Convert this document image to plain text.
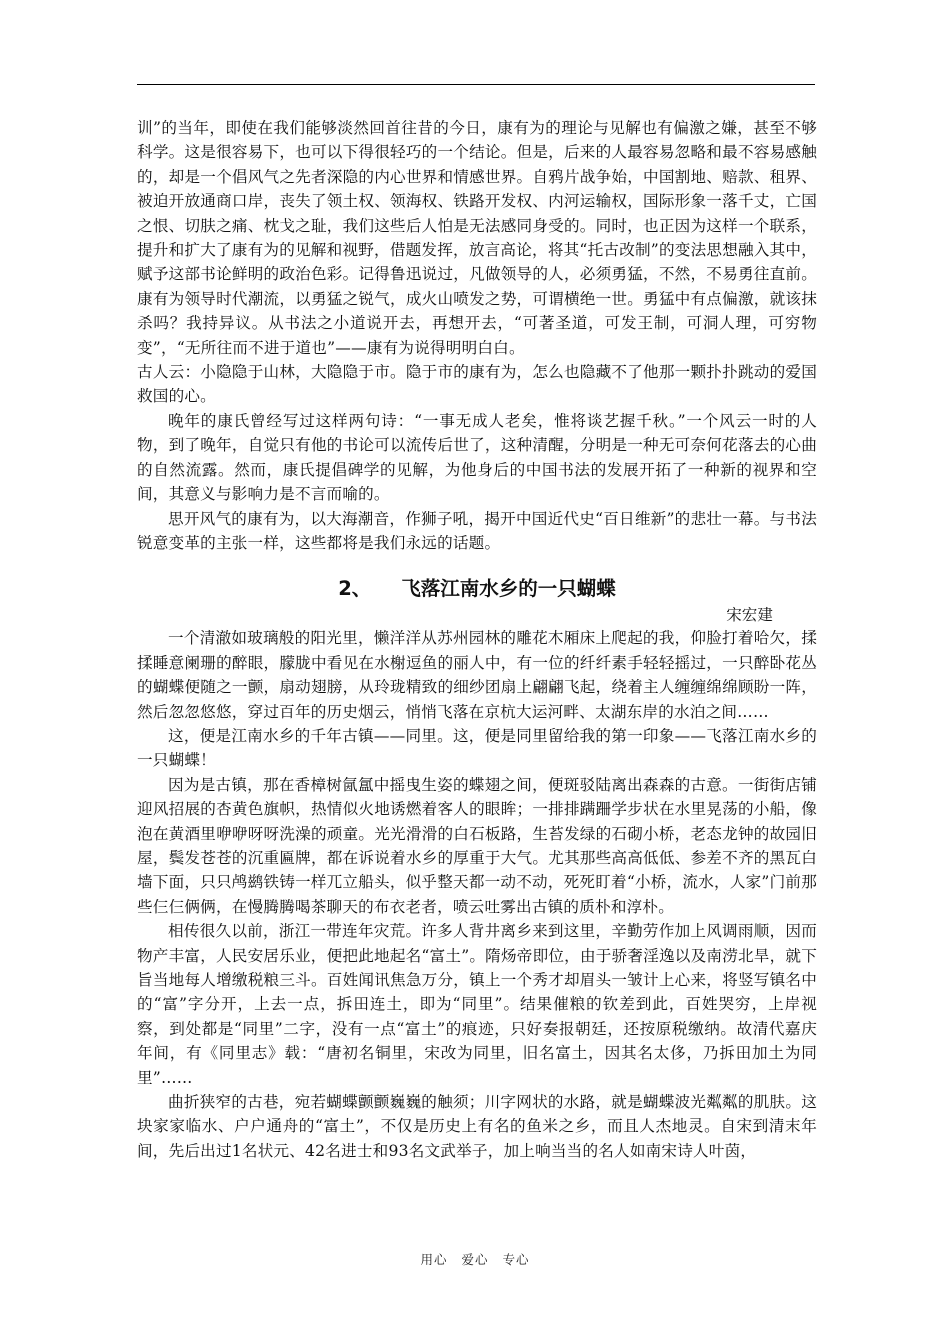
训”的当年，即使在我们能够淡然回首往昔的今日，康有为的理论与见解也有偏激之嫌，甚至不够科学。这是很容易下，也可以下得很轻巧的一个结论。但是，后来的人最容易忽略和最不容易感触的，却是一个倡风气之先者深隐的内心世界和情感世界。自鸦片战争始，中国割地、赔款、租界、被迫开放通商口岸，丧失了领土权、领海权、铁路开发权、内河运输权，国际形象一落千丈，亡国之恨、切肤之痛、枕戈之耻，我们这些后人怕是无法感同身受的。同时，也正因为这样一个联系，提升和扩大了康有为的见解和视野，借题发挥，放言高论，将其“托古改制”的变法思想融入其中，赋予这部书论鲜明的政治色彩。记得鲁迅说过，凡做领导的人，必须勇猛，不然，不易勇往直前。康有为领导时代潮流，以勇猛之锐气，成火山喷发之势，可谓横绝一世。勇猛中有点偏激，就该抹杀吗？我持异议。从书法之小道说开去，再想开去，“可著圣道，可发王制，可洞人理，可穷物变”，“无所往而不进于道也”——康有为说得明明白白。

古人云：小隐隐于山林，大隐隐于市。隐于市的康有为，怎么也隐藏不了他那一颗扑扑跳动的爱国救国的心。

晚年的康氏曾经写过这样两句诗：“一事无成人老矣，惟将谈艺握千秋。”一个风云一时的人物，到了晚年，自觉只有他的书论可以流传后世了，这种清醒，分明是一种无可奈何花落去的心曲的自然流露。然而，康氏提倡碑学的见解，为他身后的中国书法的发展开拓了一种新的视界和空间，其意义与影响力是不言而喻的。

思开风气的康有为，以大海潮音，作狮子吼，揭开中国近代史“百日维新”的悲壮一幕。与书法锐意变革的主张一样，这些都将是我们永远的话题。

2、 飞落江南水乡的一只蝴蝶
宋宏建

一个清澈如玻璃般的阳光里，懒洋洋从苏州园林的雕花木厢床上爬起的我，仰脸打着哈欠，揉揉睡意阑珊的醉眼，朦胧中看见在水榭逗鱼的丽人中，有一位的纤纤素手轻轻摇过，一只醉卧花丛的蝴蝶便随之一颤，扇动翅膀，从玲珑精致的细纱团扇上翩翩飞起，绕着主人缠缠绵绵顾盼一阵，然后忽忽悠悠，穿过百年的历史烟云，悄悄飞落在京杭大运河畔、太湖东岸的水泊之间……

这，便是江南水乡的千年古镇——同里。这，便是同里留给我的第一印象——飞落江南水乡的一只蝴蝶！

因为是古镇，那在香樟树氤氲中摇曳生姿的蝶翅之间，便斑驳陆离出森森的古意。一街街店铺迎风招展的杏黄色旗帜，热情似火地诱燃着客人的眼眸；一排排蹒跚学步状在水里晃荡的小船，像泡在黄酒里咿咿呀呀洗澡的顽童。光光滑滑的白石板路，生苔发绿的石砌小桥，老态龙钟的故园旧屋，鬓发苍苍的沉重匾牌，都在诉说着水乡的厚重于大气。尤其那些高高低低、参差不齐的黑瓦白墙下面，只只鸬鹚铁铸一样兀立船头，似乎整天都一动不动，死死盯着“小桥，流水，人家”门前那些仨仨俩俩，在慢腾腾喝茶聊天的布衣老者，喷云吐雾出古镇的质朴和淳朴。

相传很久以前，浙江一带连年灾荒。许多人背井离乡来到这里，辛勤劳作加上风调雨顺，因而物产丰富，人民安居乐业，便把此地起名“富土”。隋炀帝即位，由于骄奢淫逸以及南涝北旱，就下旨当地每人增缴税粮三斗。百姓闻讯焦急万分，镇上一个秀才却眉头一皱计上心来，将竖写镇名中的“富”字分开，上去一点，拆田连土，即为“同里”。结果催粮的钦差到此，百姓哭穷，上岸视察，到处都是“同里”二字，没有一点“富土”的痕迹，只好奏报朝廷，还按原税缴纳。故清代嘉庆年间，有《同里志》载：“唐初名铜里，宋改为同里，旧名富土，因其名太侈，乃拆田加土为同里”……

曲折狭窄的古巷，宛若蝴蝶颤颤巍巍的触须；川字网状的水路，就是蝴蝶波光粼粼的肌肤。这块家家临水、户户通舟的“富土”，不仅是历史上有名的鱼米之乡，而且人杰地灵。自宋到清末年间，先后出过1名状元、42名进士和93名文武举子，加上响当当的名人如南宋诗人叶茵，

用心 爱心 专心
